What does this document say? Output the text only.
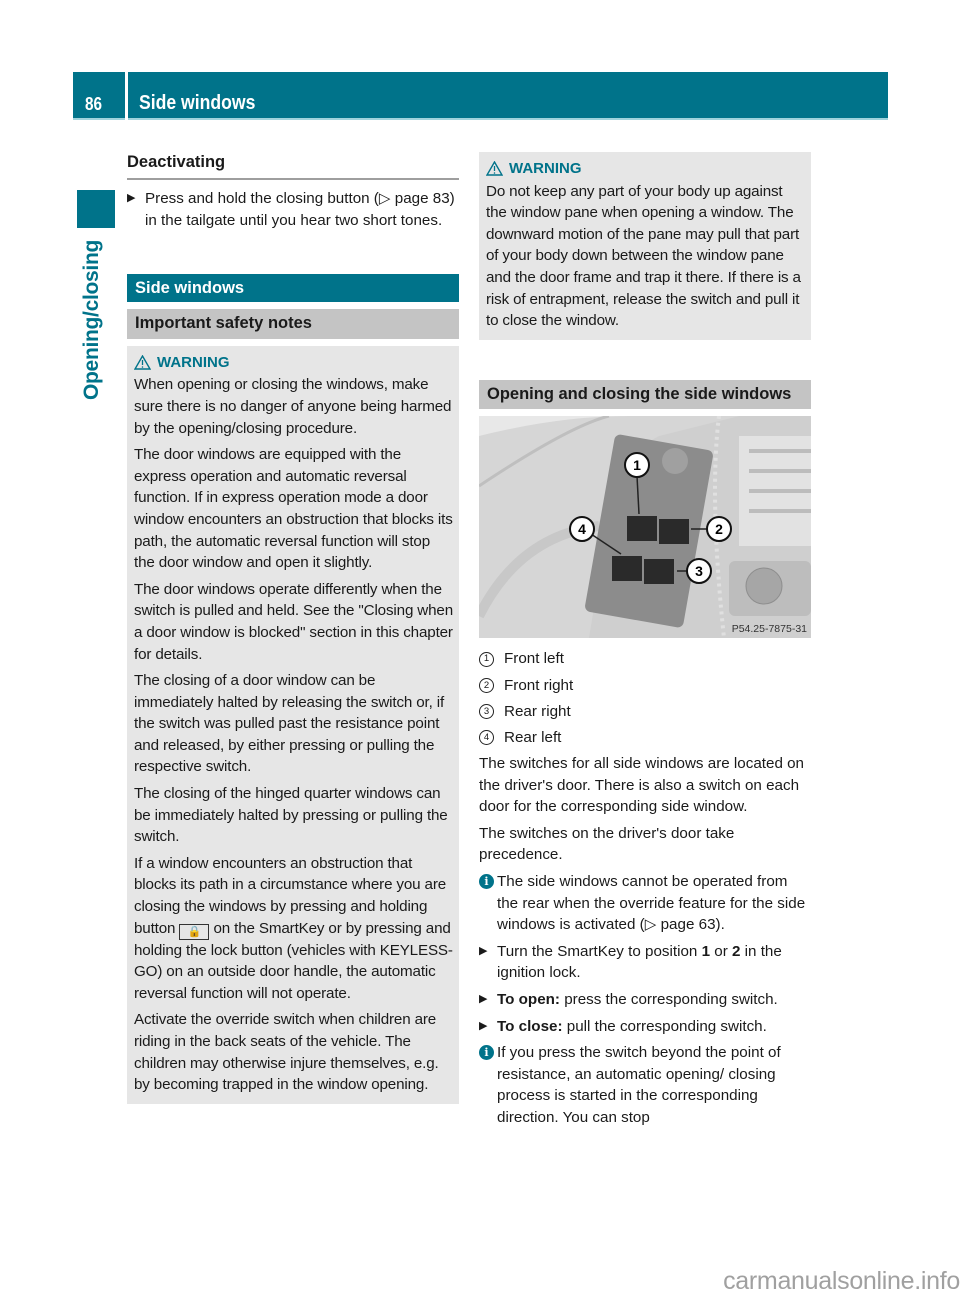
86 Side windows
Opening/closing
Deactivating
▶ Press and hold the closing button (▷ page 83) in the tailgate until you hear two short tones.
Side windows
Important safety notes
WARNING

When opening or closing the windows, make sure there is no danger of anyone being harmed by the opening/closing procedure.

The door windows are equipped with the express operation and automatic reversal function. If in express operation mode a door window encounters an obstruction that blocks its path, the automatic reversal function will stop the door window and open it slightly.

The door windows operate differently when the switch is pulled and held. See the "Closing when a door window is blocked" section in this chapter for details.

The closing of a door window can be immediately halted by releasing the switch or, if the switch was pulled past the resistance point and released, by either pressing or pulling the respective switch.

The closing of the hinged quarter windows can be immediately halted by pressing or pulling the switch.

If a window encounters an obstruction that blocks its path in a circumstance where you are closing the windows by pressing and holding button 🔒 on the SmartKey or by pressing and holding the lock button (vehicles with KEYLESS-GO) on an outside door handle, the automatic reversal function will not operate.

Activate the override switch when children are riding in the back seats of the vehicle. The children may otherwise injure themselves, e.g. by becoming trapped in the window opening.

WARNING

Do not keep any part of your body up against the window pane when opening a window. The downward motion of the pane may pull that part of your body down between the window pane and the door frame and trap it there. If there is a risk of entrapment, release the switch and pull it to close the window.

Opening and closing the side windows
1
2
3
4
P54.25-7875-31
1 Front left
2 Front right
3 Rear right
4 Rear left

The switches for all side windows are located on the driver's door. There is also a switch on each door for the corresponding side window.

The switches on the driver's door take precedence.

i The side windows cannot be operated from the rear when the override feature for the side windows is activated (▷ page 63).
▶ Turn the SmartKey to position 1 or 2 in the ignition lock.
▶ To open: press the corresponding switch.
▶ To close: pull the corresponding switch.
i If you press the switch beyond the point of resistance, an automatic opening/ closing process is started in the corresponding direction. You can stop
carmanualsonline.info
